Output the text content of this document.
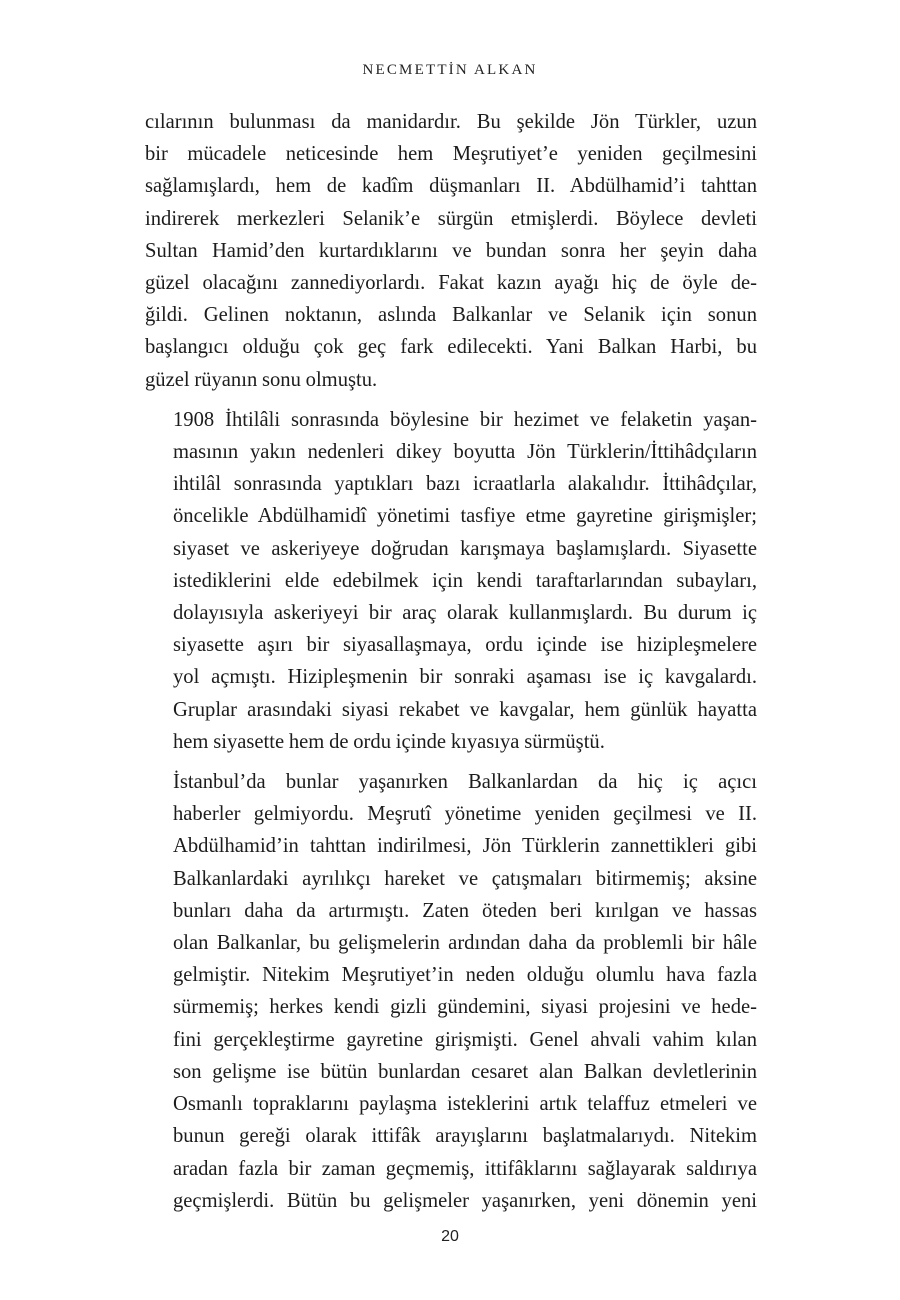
NECMETTİN ALKAN

cılarının bulunması da manidardır. Bu şekilde Jön Türkler, uzun
bir mücadele neticesinde hem Meşrutiyet’e yeniden geçilmesini
sağlamışlardı, hem de kadîm düşmanları II. Abdülhamid’i tahttan
indirerek merkezleri Selanik’e sürgün etmişlerdi. Böylece devleti
Sultan Hamid’den kurtardıklarını ve bundan sonra her şeyin daha
güzel olacağını zannediyorlardı. Fakat kazın ayağı hiç de öyle de-
ğildi. Gelinen noktanın, aslında Balkanlar ve Selanik için sonun
başlangıcı olduğu çok geç fark edilecekti. Yani Balkan Harbi, bu
güzel rüyanın sonu olmuştu.

1908 İhtilâli sonrasında böylesine bir hezimet ve felaketin yaşan-
masının yakın nedenleri dikey boyutta Jön Türklerin/İttihâdçıların
ihtilâl sonrasında yaptıkları bazı icraatlarla alakalıdır. İttihâdçılar,
öncelikle Abdülhamidî yönetimi tasfiye etme gayretine girişmişler;
siyaset ve askeriyeye doğrudan karışmaya başlamışlardı. Siyasette
istediklerini elde edebilmek için kendi taraftarlarından subayları,
dolayısıyla askeriyeyi bir araç olarak kullanmışlardı. Bu durum iç
siyasette aşırı bir siyasallaşmaya, ordu içinde ise hizipleşmelere
yol açmıştı. Hizipleşmenin bir sonraki aşaması ise iç kavgalardı.
Gruplar arasındaki siyasi rekabet ve kavgalar, hem günlük hayatta
hem siyasette hem de ordu içinde kıyasıya sürmüştü.

İstanbul’da bunlar yaşanırken Balkanlardan da hiç iç açıcı
haberler gelmiyordu. Meşrutî yönetime yeniden geçilmesi ve II.
Abdülhamid’in tahttan indirilmesi, Jön Türklerin zannettikleri gibi
Balkanlardaki ayrılıkçı hareket ve çatışmaları bitirmemiş; aksine
bunları daha da artırmıştı. Zaten öteden beri kırılgan ve hassas
olan Balkanlar, bu gelişmelerin ardından daha da problemli bir hâle
gelmiştir. Nitekim Meşrutiyet’in neden olduğu olumlu hava fazla
sürmemiş; herkes kendi gizli gündemini, siyasi projesini ve hede-
fini gerçekleştirme gayretine girişmişti. Genel ahvali vahim kılan
son gelişme ise bütün bunlardan cesaret alan Balkan devletlerinin
Osmanlı topraklarını paylaşma isteklerini artık telaffuz etmeleri ve
bunun gereği olarak ittifâk arayışlarını başlatmalarıydı. Nitekim
aradan fazla bir zaman geçmemiş, ittifâklarını sağlayarak saldırıya
geçmişlerdi. Bütün bu gelişmeler yaşanırken, yeni dönemin yeni

20
